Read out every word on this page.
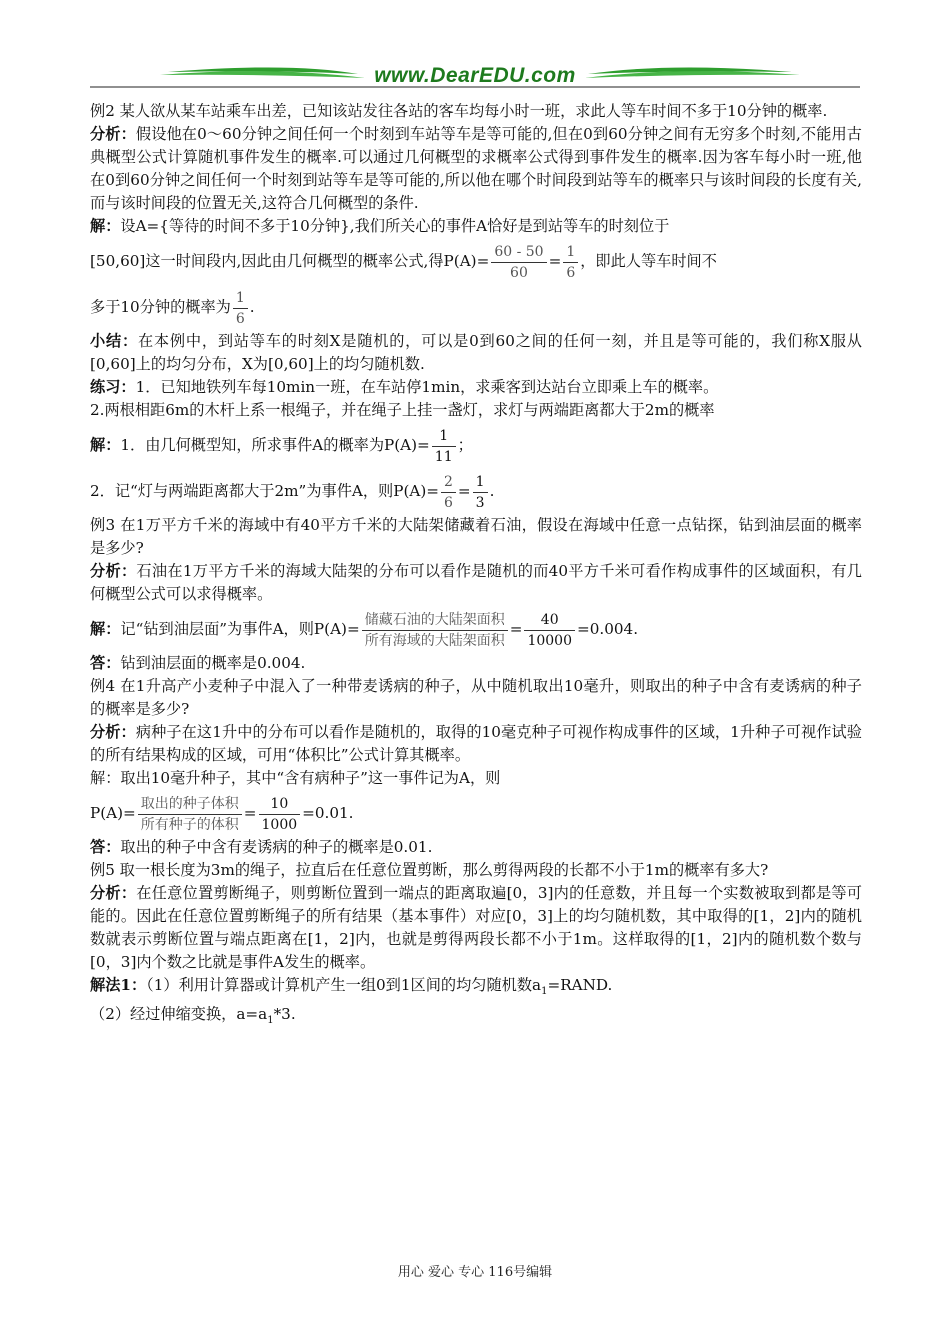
www.DearEDU.com

例2 某人欲从某车站乘车出差，已知该站发往各站的客车均每小时一班，求此人等车时间不多于10分钟的概率.

分析：假设他在0～60分钟之间任何一个时刻到车站等车是等可能的,但在0到60分钟之间有无穷多个时刻,不能用古典概型公式计算随机事件发生的概率.可以通过几何概型的求概率公式得到事件发生的概率.因为客车每小时一班,他在0到60分钟之间任何一个时刻到站等车是等可能的,所以他在哪个时间段到站等车的概率只与该时间段的长度有关,而与该时间段的位置无关,这符合几何概型的条件.

解：设A={等待的时间不多于10分钟},我们所关心的事件A恰好是到站等车的时刻位于

[50,60]这一时间段内,因此由几何概型的概率公式,得$P(A)= \frac{60 - 50}{60} = \frac{1}{6}$ ，即此人等车时间不

多于10分钟的概率为 $\frac{1}{6}$ .

小结：在本例中，到站等车的时刻X是随机的，可以是0到60之间的任何一刻，并且是等可能的，我们称X服从[0,60]上的均匀分布，X为[0,60]上的均匀随机数.

练习：1．已知地铁列车每10min一班，在车站停1min，求乘客到达站台立即乘上车的概率。

2.两根相距6m的木杆上系一根绳子，并在绳子上挂一盏灯，求灯与两端距离都大于2m的概率

解：1．由几何概型知，所求事件A的概率为$P(A)= \frac{1}{11}$ ；

2．记“灯与两端距离都大于2m”为事件A，则$P(A)= \frac{2}{6} = \frac{1}{3}$ .

例3 在1万平方千米的海域中有40平方千米的大陆架储藏着石油，假设在海域中任意一点钻探，钻到油层面的概率是多少?

分析：石油在1万平方千米的海域大陆架的分布可以看作是随机的而40平方千米可看作构成事件的区域面积，有几何概型公式可以求得概率。

解：记“钻到油层面”为事件A，则$P(A)= \frac{\text{储藏石油的大陆架面积}}{\text{所有海域的大陆架面积}} = \frac{40}{10000} =0.004$.

答：钻到油层面的概率是0.004.

例4 在1升高产小麦种子中混入了一种带麦诱病的种子，从中随机取出10毫升，则取出的种子中含有麦诱病的种子的概率是多少?

分析：病种子在这1升中的分布可以看作是随机的，取得的10毫克种子可视作构成事件的区域，1升种子可视作试验的所有结果构成的区域，可用“体积比”公式计算其概率。

解：取出10毫升种子，其中“含有病种子”这一事件记为A，则

$P(A)= \frac{\text{取出的种子体积}}{\text{所有种子的体积}} = \frac{10}{1000} =0.01$.

答：取出的种子中含有麦诱病的种子的概率是0.01.

例5 取一根长度为3m的绳子，拉直后在任意位置剪断，那么剪得两段的长都不小于1m的概率有多大?

分析：在任意位置剪断绳子，则剪断位置到一端点的距离取遍[0，3]内的任意数，并且每一个实数被取到都是等可能的。因此在任意位置剪断绳子的所有结果（基本事件）对应[0，3]上的均匀随机数，其中取得的[1，2]内的随机数就表示剪断位置与端点距离在[1，2]内，也就是剪得两段长都不小于1m。这样取得的[1，2]内的随机数个数与[0，3]内个数之比就是事件A发生的概率。

解法1：（1）利用计算器或计算机产生一组0到1区间的均匀随机数$a_1=RAND$.

（2）经过伸缩变换，$a=a_1*3$.

用心 爱心 专心 116号编辑
